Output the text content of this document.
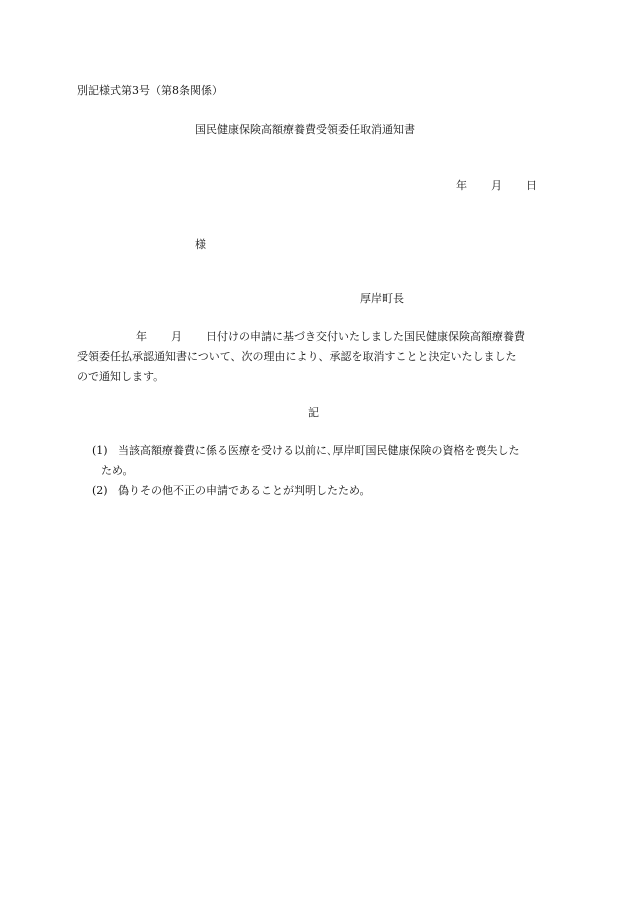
別記様式第3号（第8条関係）
国民健康保険高額療養費受領委任取消通知書
年 月 日
様
厚岸町長
年 月 日付けの申請に基づき交付いたしました国民健康保険高額療養費
受領委任払承認通知書について、次の理由により、承認を取消すことと決定いたしました
ので通知します。
記
(1) 当該高額療養費に係る医療を受ける以前に､厚岸町国民健康保険の資格を喪失した
ため。
(2) 偽りその他不正の申請であることが判明したため。
